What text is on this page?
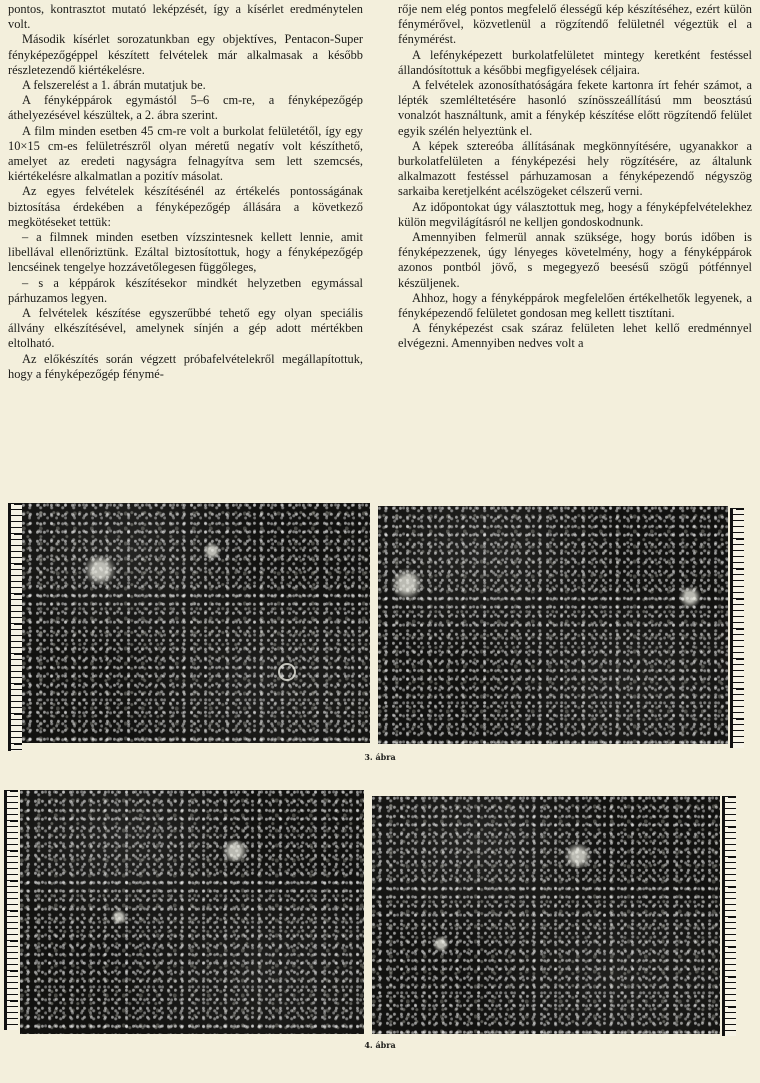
pontos, kontrasztot mutató leképzését, így a kísérlet eredménytelen volt.

Második kísérlet sorozatunkban egy objektíves, Pentacon-Super fényképezőgéppel készített felvételek már alkalmasak a később részletezendő kiértékelésre.

A felszerelést a 1. ábrán mutatjuk be.

A fényképpárok egymástól 5–6 cm-re, a fényképezőgép áthelyezésével készültek, a 2. ábra szerint.

A film minden esetben 45 cm-re volt a burkolat felületétől, így egy 10×15 cm-es felületrészről olyan méretű negatív volt készíthető, amelyet az eredeti nagyságra felnagyítva sem lett szemcsés, kiértékelésre alkalmatlan a pozitív másolat.

Az egyes felvételek készítésénél az értékelés pontosságának biztosítása érdekében a fényképezőgép állására a következő megkötéseket tettük:

– a filmnek minden esetben vízszintesnek kellett lennie, amit libellával ellenőriztünk. Ezáltal biztosítottuk, hogy a fényképezőgép lencséinek tengelye hozzávetőlegesen függőleges,

– s a képpárok készítésekor mindkét helyzetben egymással párhuzamos legyen.

A felvételek készítése egyszerűbbé tehető egy olyan speciális állvány elkészítésével, amelynek sínjén a gép adott mértékben eltolható.

Az előkészítés során végzett próbafelvételekről megállapítottuk, hogy a fényképezőgép fénymé-

rője nem elég pontos megfelelő élességű kép készítéséhez, ezért külön fénymérővel, közvetlenül a rögzítendő felületnél végeztük el a fénymérést.

A lefényképezett burkolatfelületet mintegy keretként festéssel állandósítottuk a későbbi megfigyelések céljaira.

A felvételek azonosíthatóságára fekete kartonra írt fehér számot, a lépték szemléltetésére hasonló színösszeállítású mm beosztású vonalzót használtunk, amit a fénykép készítése előtt rögzítendő felület egyik szélén helyeztünk el.

A képek sztereóba állításának megkönnyítésére, ugyanakkor a burkolatfelületen a fényképezési hely rögzítésére, az általunk alkalmazott festéssel párhuzamosan a fényképezendő négyszög sarkaiba keretjelként acélszögeket célszerű verni.

Az időpontokat úgy választottuk meg, hogy a fényképfelvételekhez külön megvilágításról ne kelljen gondoskodnunk.

Amennyiben felmerül annak szüksége, hogy borús időben is fényképezzenek, úgy lényeges követelmény, hogy a fényképpárok azonos pontból jövő, s megegyező beesésű szögű pótfénnyel készüljenek.

Ahhoz, hogy a fényképpárok megfelelően értékelhetők legyenek, a fényképezendő felületet gondosan meg kellett tisztítani.

A fényképezést csak száraz felületen lehet kellő eredménnyel elvégezni. Amennyiben nedves volt a

3. ábra
4. ábra
